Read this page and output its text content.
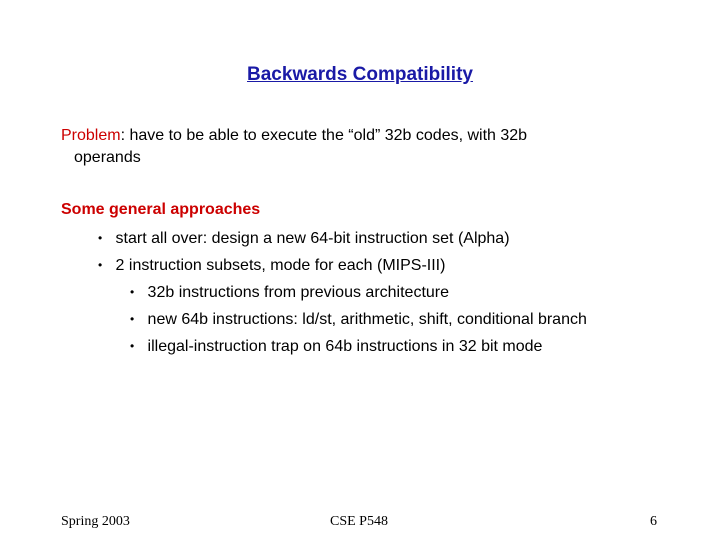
Backwards Compatibility
Problem: have to be able to execute the “old” 32b codes, with 32b
operands
Some general approaches
• start all over: design a new 64-bit instruction set (Alpha)
• 2 instruction subsets, mode for each (MIPS-III)
• 32b instructions from previous architecture
• new 64b instructions: ld/st, arithmetic, shift, conditional branch
• illegal-instruction trap on 64b instructions in 32 bit mode
Spring 2003	CSE P548	6
